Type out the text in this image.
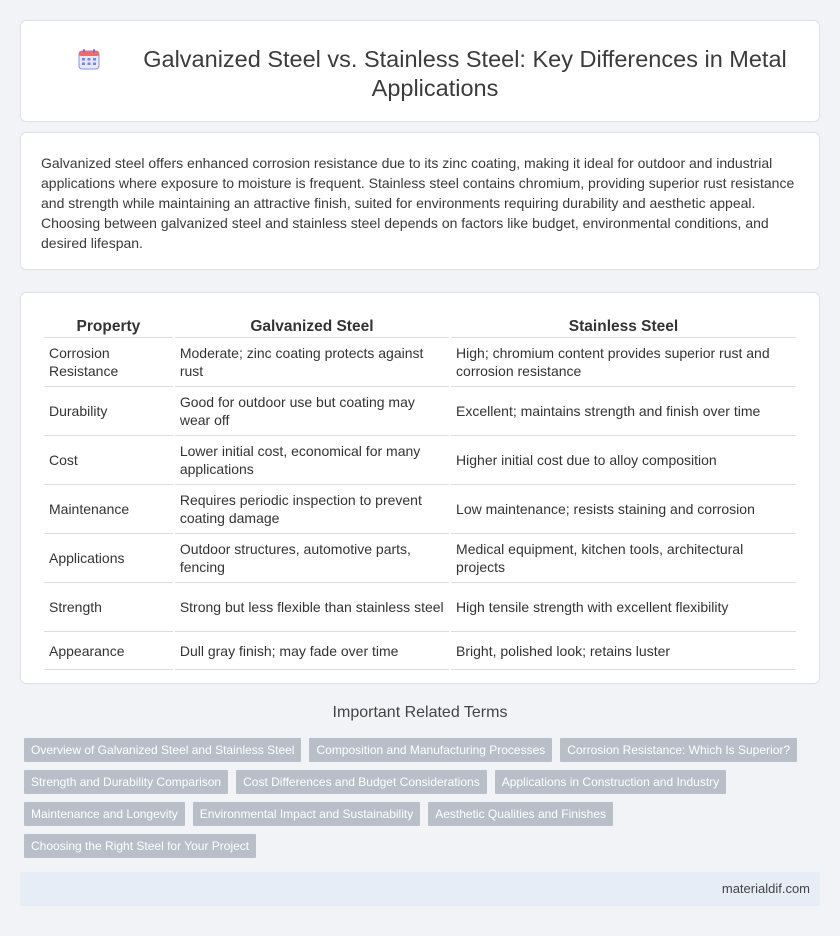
Galvanized Steel vs. Stainless Steel: Key Differences in Metal Applications

Galvanized steel offers enhanced corrosion resistance due to its zinc coating, making it ideal for outdoor and industrial applications where exposure to moisture is frequent. Stainless steel contains chromium, providing superior rust resistance and strength while maintaining an attractive finish, suited for environments requiring durability and aesthetic appeal. Choosing between galvanized steel and stainless steel depends on factors like budget, environmental conditions, and desired lifespan.

Property	Galvanized Steel	Stainless Steel
Corrosion Resistance	Moderate; zinc coating protects against rust	High; chromium content provides superior rust and corrosion resistance
Durability	Good for outdoor use but coating may wear off	Excellent; maintains strength and finish over time
Cost	Lower initial cost, economical for many applications	Higher initial cost due to alloy composition
Maintenance	Requires periodic inspection to prevent coating damage	Low maintenance; resists staining and corrosion
Applications	Outdoor structures, automotive parts, fencing	Medical equipment, kitchen tools, architectural projects
Strength	Strong but less flexible than stainless steel	High tensile strength with excellent flexibility
Appearance	Dull gray finish; may fade over time	Bright, polished look; retains luster
Important Related Terms
Overview of Galvanized Steel and Stainless Steel	Composition and Manufacturing Processes	Corrosion Resistance: Which Is Superior?
Strength and Durability Comparison	Cost Differences and Budget Considerations	Applications in Construction and Industry
Maintenance and Longevity	Environmental Impact and Sustainability	Aesthetic Qualities and Finishes
Choosing the Right Steel for Your Project
materialdif.com
